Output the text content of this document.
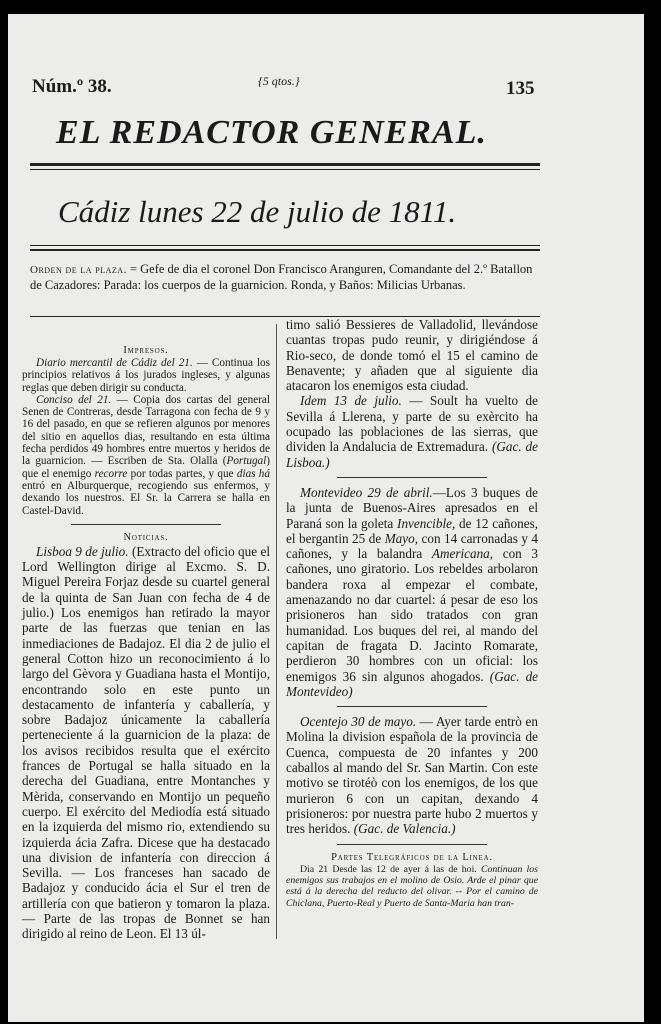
Núm.º 38.	{5 qtos.}	135
EL REDACTOR GENERAL.
Cádiz lunes 22 de julio de 1811.
Orden de la plaza. = Gefe de dia el coronel Don Francisco Aranguren, Comandante del 2.º Batallon de Cazadores: Parada: los cuerpos de la guarnicion. Ronda, y Baños: Milicias Urbanas.

Impresos.

Diario mercantil de Cádiz del 21. — Continua los principios relativos á los jurados ingleses, y algunas reglas que deben dirigir su conducta.

Conciso del 21. — Copia dos cartas del general Senen de Contreras, desde Tarragona con fecha de 9 y 16 del pasado, en que se refieren algunos por menores del sitio en aquellos dias, resultando en esta última fecha perdidos 49 hombres entre muertos y heridos de la guarnicion. — Escriben de Sta. Olalla (Portugal) que el enemigo recorre por todas partes, y que dias há entró en Alburquerque, recogiendo sus enfermos, y dexando los nuestros. El Sr. la Carrera se halla en Castel-David.

Noticias.

Lisboa 9 de julio. (Extracto del oficio que el Lord Wellington dirige al Excmo. S. D. Miguel Pereira Forjaz desde su cuartel general de la quinta de San Juan con fecha de 4 de julio.) Los enemigos han retirado la mayor parte de las fuerzas que tenian en las inmediaciones de Badajoz. El dia 2 de julio el general Cotton hizo un reconocimiento á lo largo del Gèvora y Guadiana hasta el Montijo, encontrando solo en este punto un destacamento de infantería y caballería, y sobre Badajoz únicamente la caballería perteneciente á la guarnicion de la plaza: de los avisos recibidos resulta que el exército frances de Portugal se halla situado en la derecha del Guadiana, entre Montanches y Mèrida, conservando en Montijo un pequeño cuerpo. El exército del Mediodía está situado en la izquierda del mismo rio, extendiendo su izquierda ácia Zafra. Dicese que ha destacado una division de infantería con direccion á Sevilla. — Los franceses han sacado de Badajoz y conducido ácia el Sur el tren de artillería con que batieron y tomaron la plaza. — Parte de las tropas de Bonnet se han dirigido al reino de Leon. El 13 úl-

timo salió Bessieres de Valladolid, llevándose cuantas tropas pudo reunir, y dirigiéndose á Rio-seco, de donde tomó el 15 el camino de Benavente; y añaden que al siguiente dia atacaron los enemigos esta ciudad.

Idem 13 de julio. — Soult ha vuelto de Sevilla á Llerena, y parte de su exèrcito ha ocupado las poblaciones de las sierras, que dividen la Andalucia de Extremadura. (Gac. de Lisboa.)

Montevideo 29 de abril.—Los 3 buques de la junta de Buenos-Aires apresados en el Paraná son la goleta Invencible, de 12 cañones, el bergantin 25 de Mayo, con 14 carronadas y 4 cañones, y la balandra Americana, con 3 cañones, uno giratorio. Los rebeldes arbolaron bandera roxa al empezar el combate, amenazando no dar cuartel: á pesar de eso los prisioneros han sido tratados con gran humanidad. Los buques del rei, al mando del capitan de fragata D. Jacinto Romarate, perdieron 30 hombres con un oficial: los enemigos 36 sin algunos ahogados. (Gac. de Montevideo)

Ocentejo 30 de mayo. — Ayer tarde entrò en Molina la division española de la provincia de Cuenca, compuesta de 20 infantes y 200 caballos al mando del Sr. San Martin. Con este motivo se tirotéò con los enemigos, de los que murieron 6 con un capitan, dexando 4 prisioneros: por nuestra parte hubo 2 muertos y tres heridos. (Gac. de Valencia.)

Partes Telegráficos de la Linea.

Dia 21 Desde las 12 de ayer á las de hoi. Continuan los enemigos sus trabajos en el molino de Osio. Arde el pinar que está á la derecha del reducto del olivar. -- Por el camino de Chiclana, Puerto-Real y Puerto de Santa-Maria han tran-
